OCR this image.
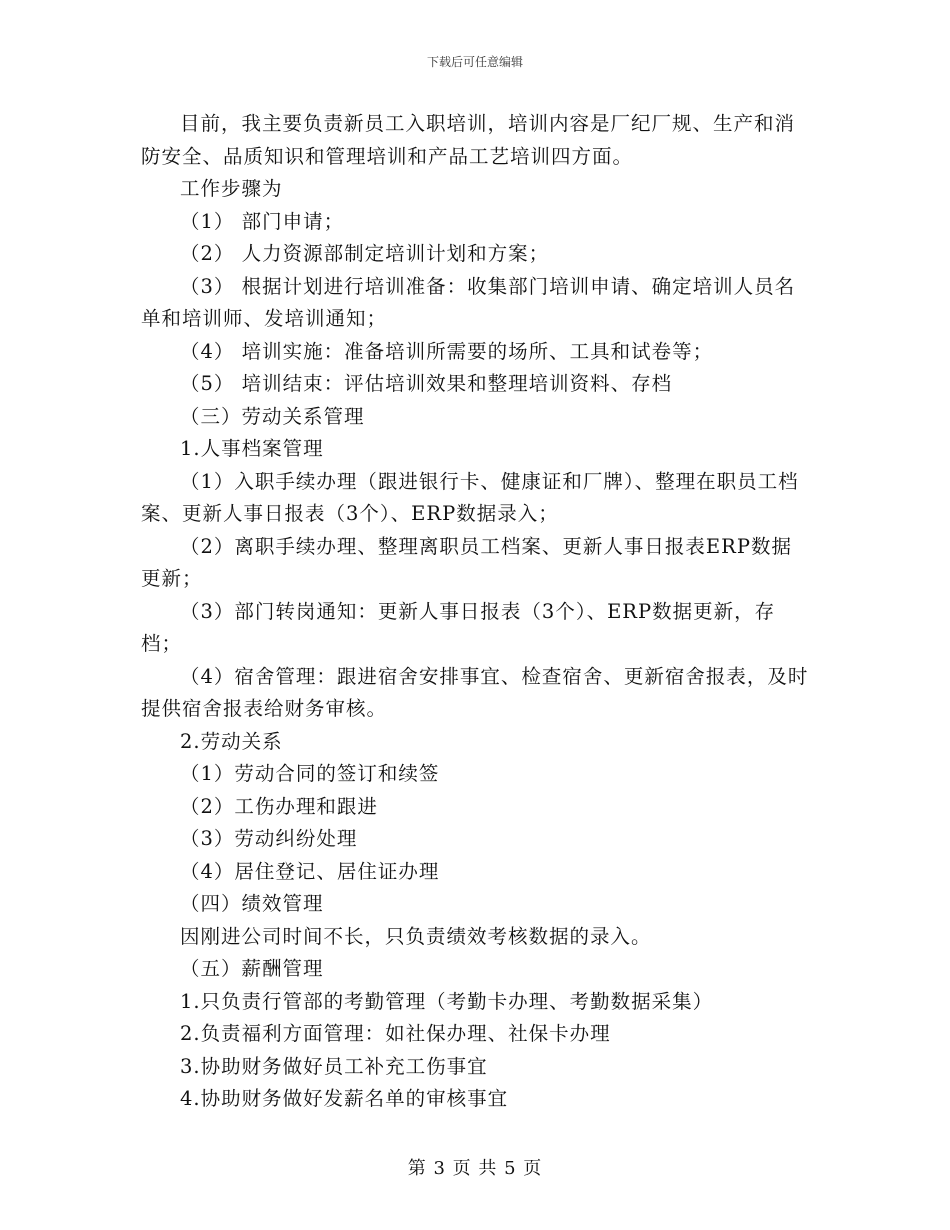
下载后可任意编辑

目前，我主要负责新员工入职培训，培训内容是厂纪厂规、生产和消防安全、品质知识和管理培训和产品工艺培训四方面。

工作步骤为

（1） 部门申请；

（2） 人力资源部制定培训计划和方案；

（3） 根据计划进行培训准备：收集部门培训申请、确定培训人员名单和培训师、发培训通知；

（4） 培训实施：准备培训所需要的场所、工具和试卷等；

（5） 培训结束：评估培训效果和整理培训资料、存档

（三）劳动关系管理

1.人事档案管理

（1）入职手续办理（跟进银行卡、健康证和厂牌）、整理在职员工档案、更新人事日报表（3个）、ERP数据录入；

（2）离职手续办理、整理离职员工档案、更新人事日报表ERP数据更新；

（3）部门转岗通知：更新人事日报表（3个）、ERP数据更新，存档；

（4）宿舍管理：跟进宿舍安排事宜、检查宿舍、更新宿舍报表，及时提供宿舍报表给财务审核。

2.劳动关系

（1）劳动合同的签订和续签

（2）工伤办理和跟进

（3）劳动纠纷处理

（4）居住登记、居住证办理

（四）绩效管理

因刚进公司时间不长，只负责绩效考核数据的录入。

（五）薪酬管理

1.只负责行管部的考勤管理（考勤卡办理、考勤数据采集）

2.负责福利方面管理：如社保办理、社保卡办理

3.协助财务做好员工补充工伤事宜

4.协助财务做好发薪名单的审核事宜

第 3 页 共 5 页
